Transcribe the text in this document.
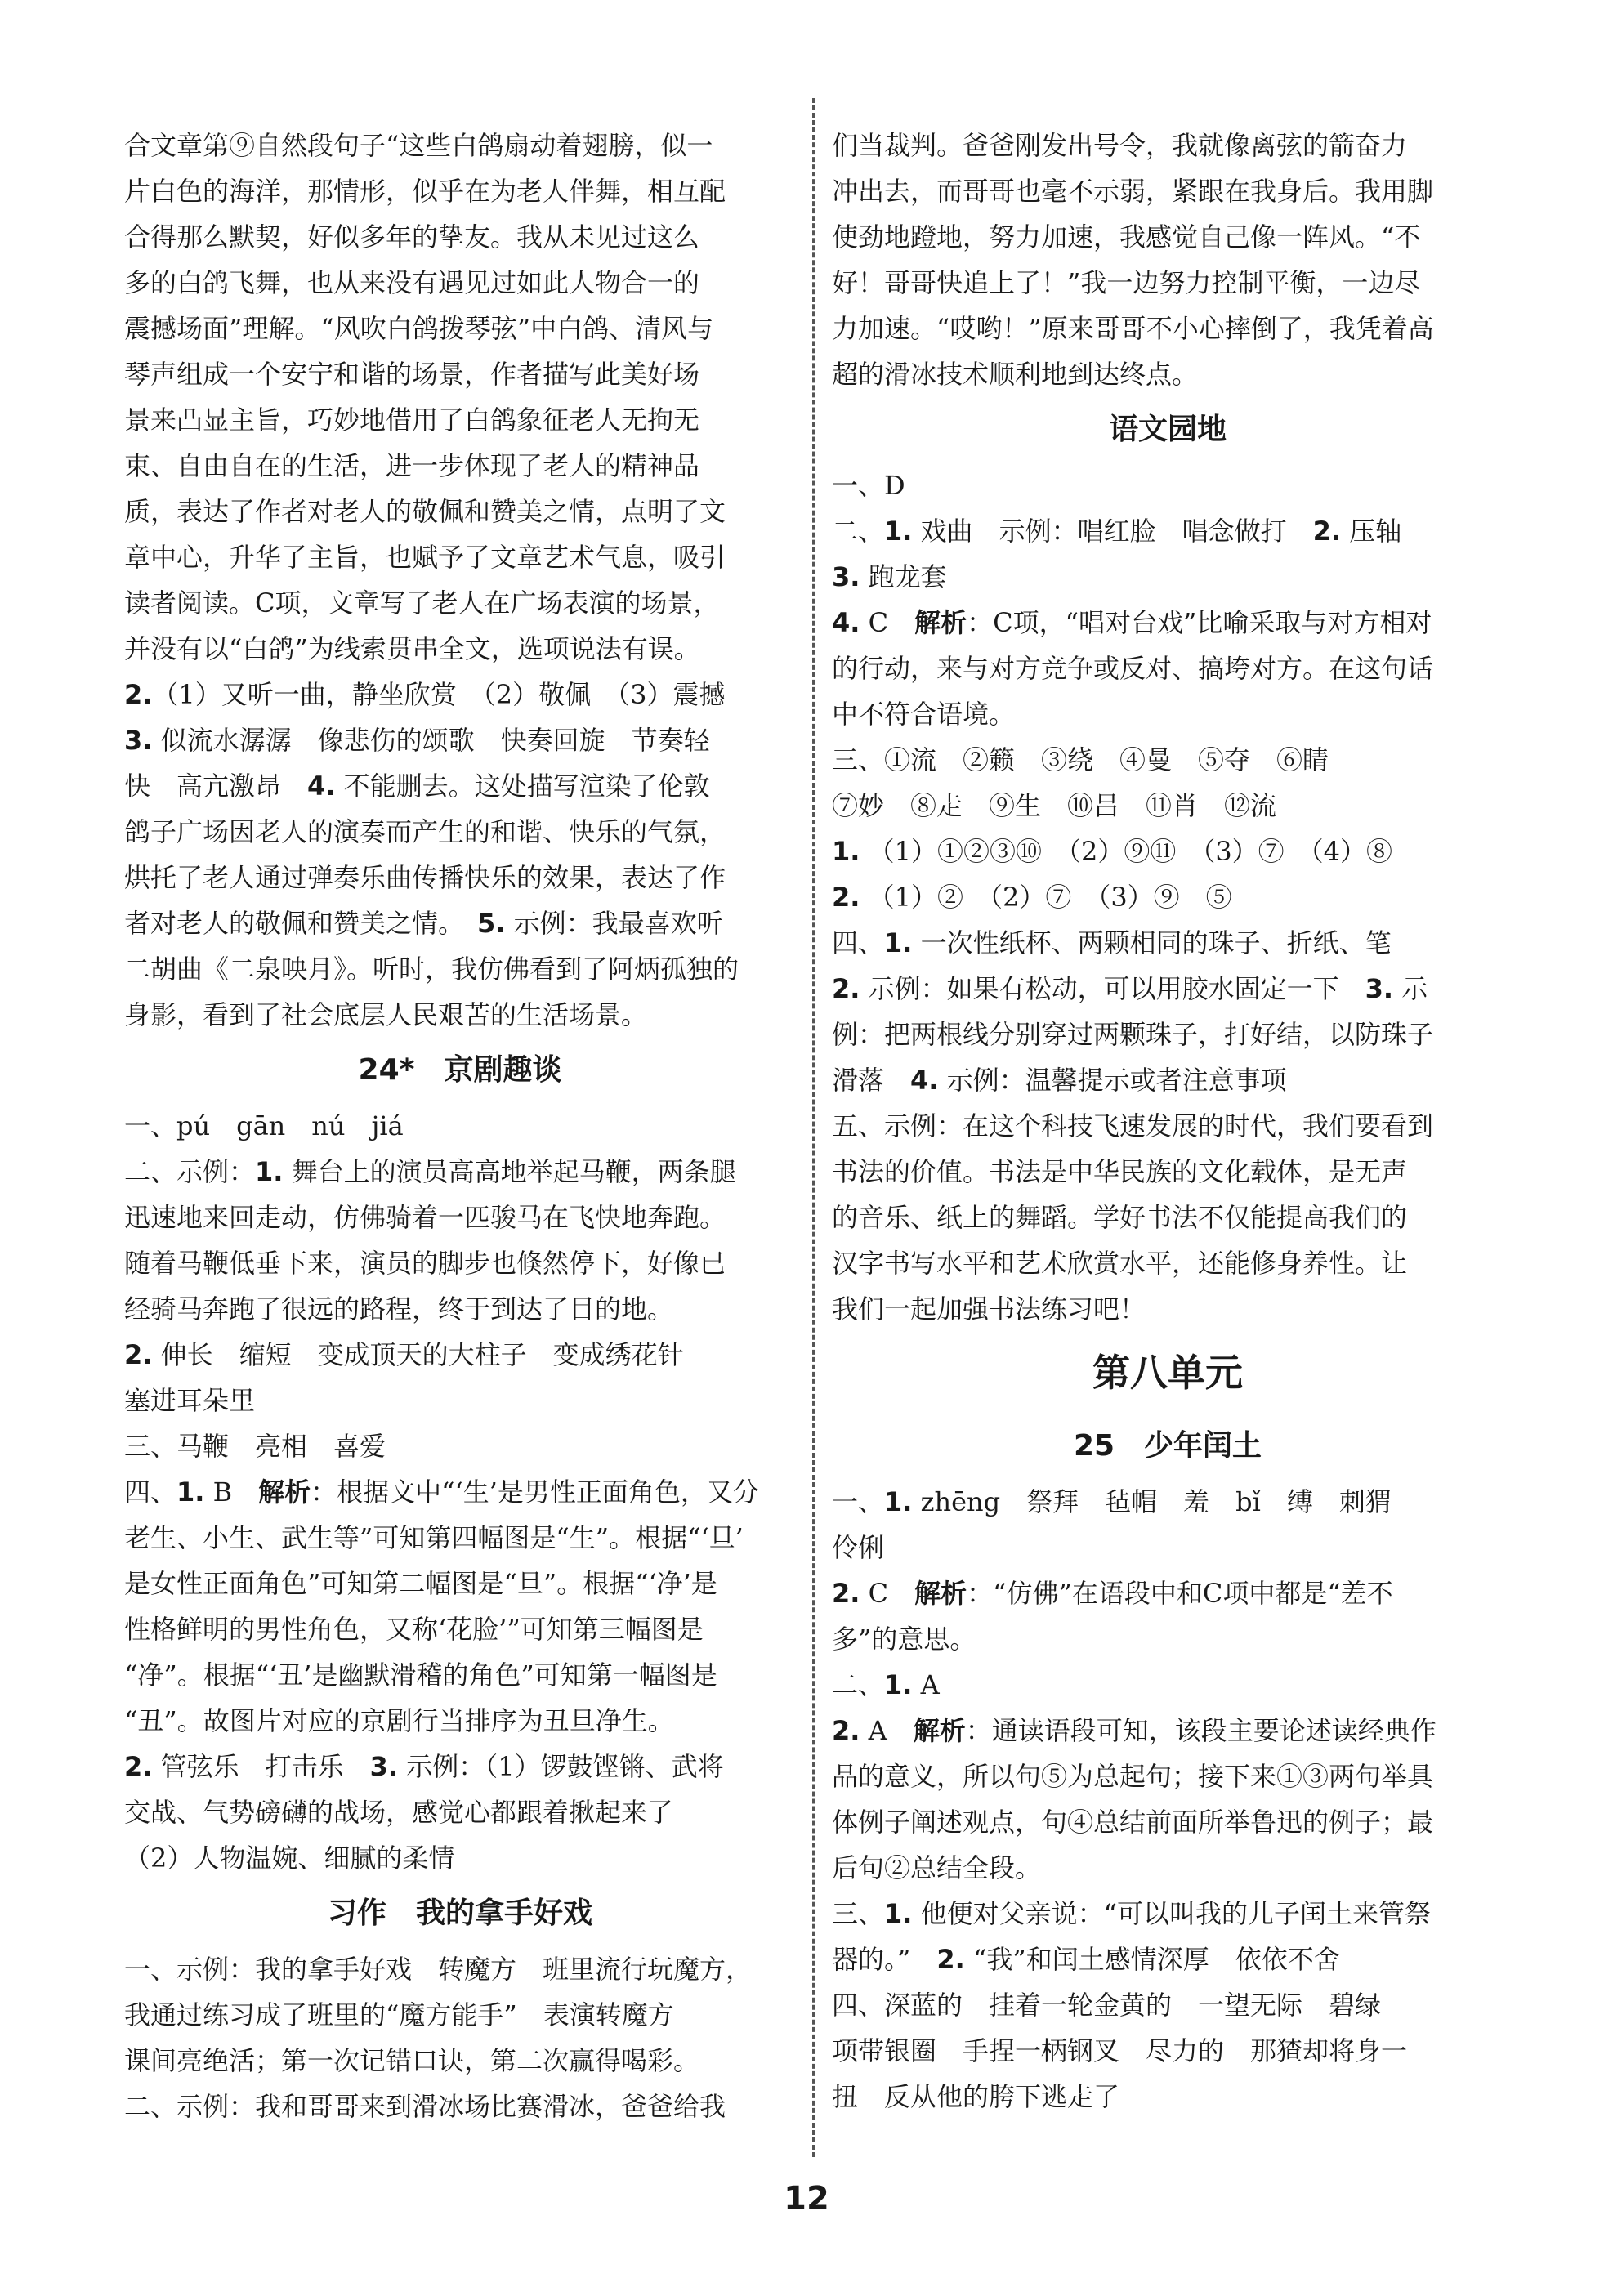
合文章第⑨自然段句子“这些白鸽扇动着翅膀，似一
片白色的海洋，那情形，似乎在为老人伴舞，相互配
合得那么默契，好似多年的挚友。我从未见过这么
多的白鸽飞舞，也从来没有遇见过如此人物合一的
震撼场面”理解。“风吹白鸽拨琴弦”中白鸽、清风与
琴声组成一个安宁和谐的场景，作者描写此美好场
景来凸显主旨，巧妙地借用了白鸽象征老人无拘无
束、自由自在的生活，进一步体现了老人的精神品
质，表达了作者对老人的敬佩和赞美之情，点明了文
章中心，升华了主旨，也赋予了文章艺术气息，吸引
读者阅读。C项，文章写了老人在广场表演的场景，
并没有以“白鸽”为线索贯串全文，选项说法有误。
2.（1）又听一曲，静坐欣赏　（2）敬佩　（3）震撼
3. 似流水潺潺　像悲伤的颂歌　快奏回旋　节奏轻
快　高亢激昂　4. 不能删去。这处描写渲染了伦敦
鸽子广场因老人的演奏而产生的和谐、快乐的气氛，
烘托了老人通过弹奏乐曲传播快乐的效果，表达了作
者对老人的敬佩和赞美之情。　5. 示例：我最喜欢听
二胡曲《二泉映月》。听时，我仿佛看到了阿炳孤独的
身影，看到了社会底层人民艰苦的生活场景。
24*　京剧趣谈
一、pú　gān　nú　jiá
二、示例：1. 舞台上的演员高高地举起马鞭，两条腿
迅速地来回走动，仿佛骑着一匹骏马在飞快地奔跑。
随着马鞭低垂下来，演员的脚步也倏然停下，好像已
经骑马奔跑了很远的路程，终于到达了目的地。
2. 伸长　缩短　变成顶天的大柱子　变成绣花针
塞进耳朵里
三、马鞭　亮相　喜爱
四、1. B　解析：根据文中“‘生’是男性正面角色，又分
老生、小生、武生等”可知第四幅图是“生”。根据“‘旦’
是女性正面角色”可知第二幅图是“旦”。根据“‘净’是
性格鲜明的男性角色，又称‘花脸’”可知第三幅图是
“净”。根据“‘丑’是幽默滑稽的角色”可知第一幅图是
“丑”。故图片对应的京剧行当排序为丑旦净生。
2. 管弦乐　打击乐　3. 示例：（1）锣鼓铿锵、武将
交战、气势磅礴的战场，感觉心都跟着揪起来了
（2）人物温婉、细腻的柔情
习作　我的拿手好戏
一、示例：我的拿手好戏　转魔方　班里流行玩魔方，
我通过练习成了班里的“魔方能手”　表演转魔方
课间亮绝活；第一次记错口诀，第二次赢得喝彩。
二、示例：我和哥哥来到滑冰场比赛滑冰，爸爸给我
们当裁判。爸爸刚发出号令，我就像离弦的箭奋力
冲出去，而哥哥也毫不示弱，紧跟在我身后。我用脚
使劲地蹬地，努力加速，我感觉自己像一阵风。“不
好！哥哥快追上了！”我一边努力控制平衡，一边尽
力加速。“哎哟！”原来哥哥不小心摔倒了，我凭着高
超的滑冰技术顺利地到达终点。
语文园地
一、D
二、1. 戏曲　示例：唱红脸　唱念做打　2. 压轴
3. 跑龙套
4. C　解析：C项，“唱对台戏”比喻采取与对方相对
的行动，来与对方竞争或反对、搞垮对方。在这句话
中不符合语境。
三、①流　②籁　③绕　④曼　⑤夺　⑥睛
⑦妙　⑧走　⑨生　⑩吕　⑪肖　⑫流
1. （1）①②③⑩　（2）⑨⑪　（3）⑦　（4）⑧
2. （1）②　（2）⑦　（3）⑨　⑤
四、1. 一次性纸杯、两颗相同的珠子、折纸、笔
2. 示例：如果有松动，可以用胶水固定一下　3. 示
例：把两根线分别穿过两颗珠子，打好结，以防珠子
滑落　4. 示例：温馨提示或者注意事项
五、示例：在这个科技飞速发展的时代，我们要看到
书法的价值。书法是中华民族的文化载体，是无声
的音乐、纸上的舞蹈。学好书法不仅能提高我们的
汉字书写水平和艺术欣赏水平，还能修身养性。让
我们一起加强书法练习吧！
第八单元
25　少年闰土
一、1. zhēng　祭拜　毡帽　羞　bǐ　缚　刺猬
伶俐
2. C　解析：“仿佛”在语段中和C项中都是“差不
多”的意思。
二、1. A
2. A　解析：通读语段可知，该段主要论述读经典作
品的意义，所以句⑤为总起句；接下来①③两句举具
体例子阐述观点，句④总结前面所举鲁迅的例子；最
后句②总结全段。
三、1. 他便对父亲说：“可以叫我的儿子闰土来管祭
器的。”　2. “我”和闰土感情深厚　依依不舍
四、深蓝的　挂着一轮金黄的　一望无际　碧绿
项带银圈　手捏一柄钢叉　尽力的　那猹却将身一
扭　反从他的胯下逃走了
12
